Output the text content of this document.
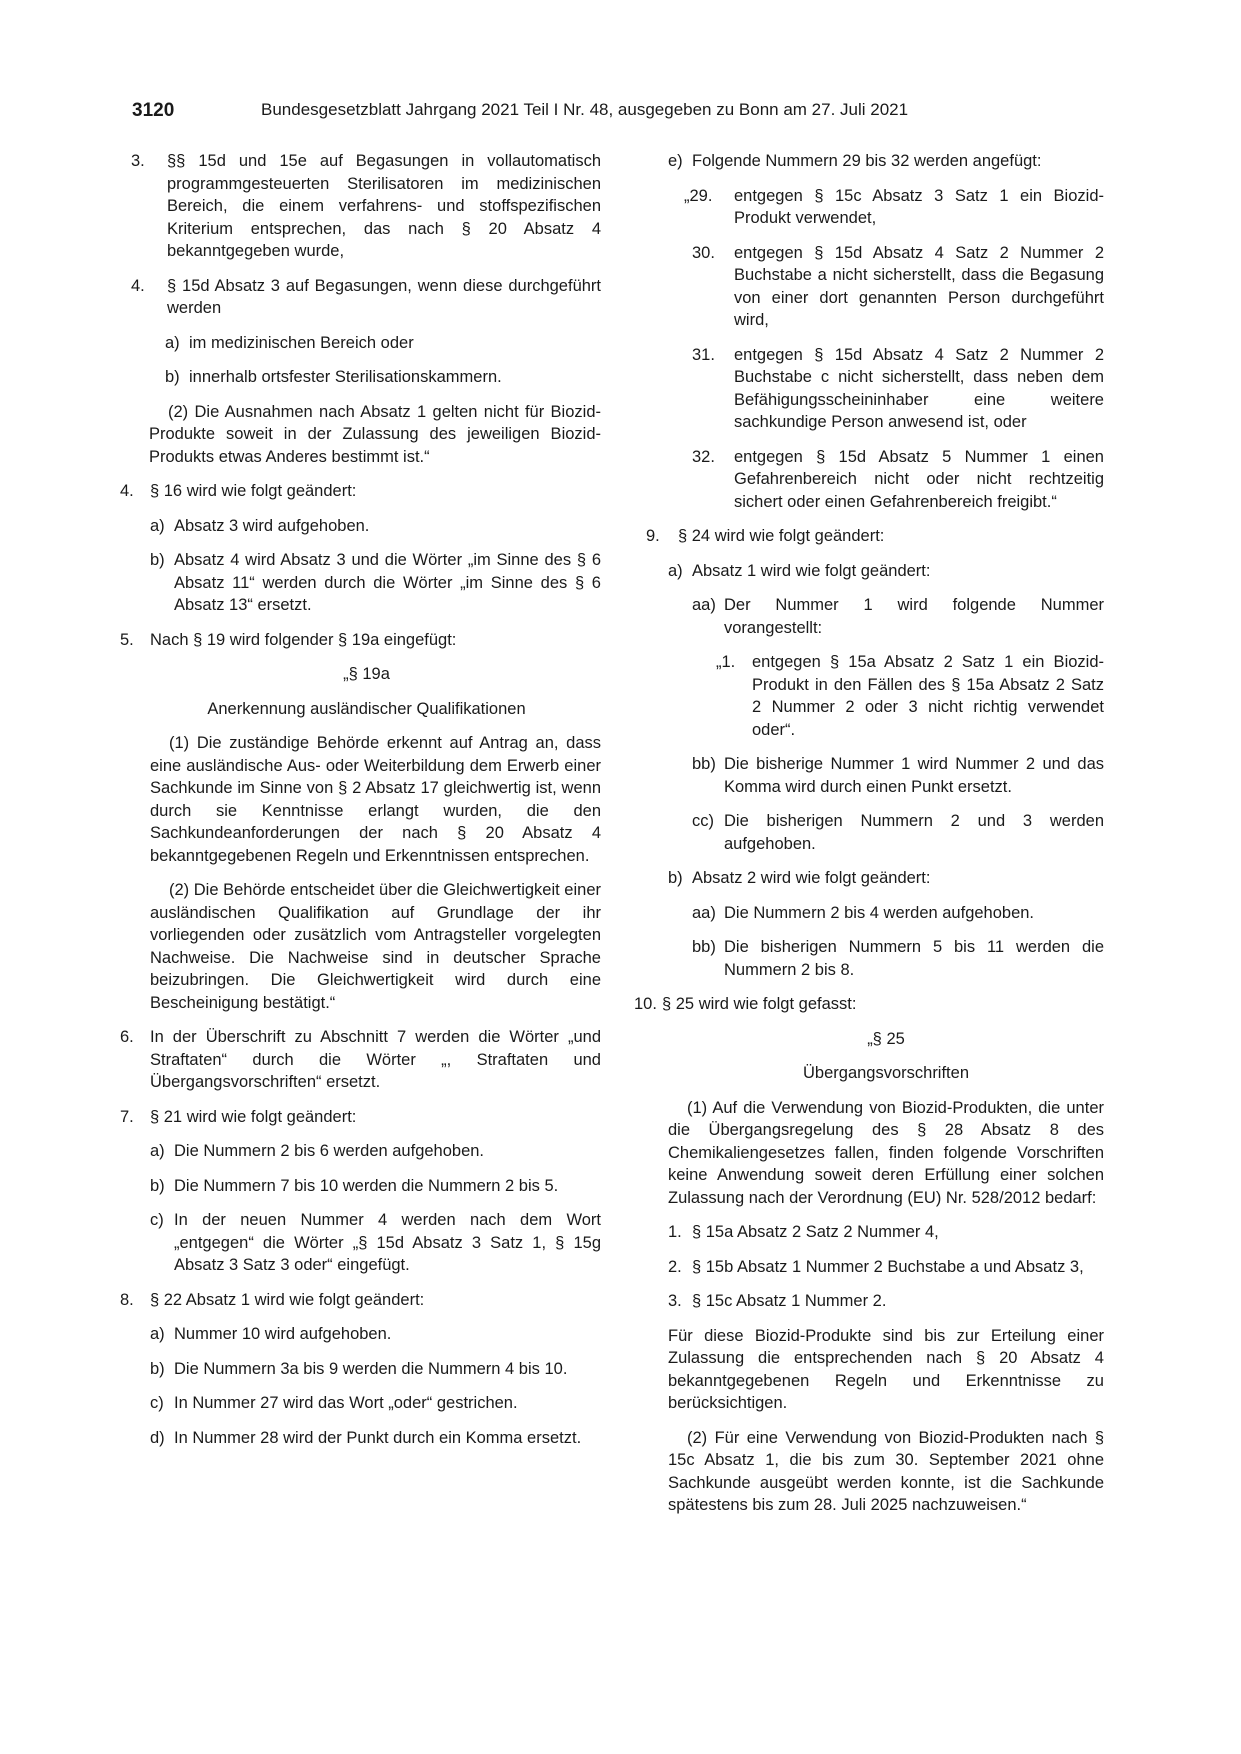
3120	Bundesgesetzblatt Jahrgang 2021 Teil I Nr. 48, ausgegeben zu Bonn am 27. Juli 2021
3. §§ 15d und 15e auf Begasungen in vollautomatisch programmgesteuerten Sterilisatoren im medizinischen Bereich, die einem verfahrens- und stoffspezifischen Kriterium entsprechen, das nach § 20 Absatz 4 bekanntgegeben wurde,
4. § 15d Absatz 3 auf Begasungen, wenn diese durchgeführt werden
a) im medizinischen Bereich oder
b) innerhalb ortsfester Sterilisationskammern.
(2) Die Ausnahmen nach Absatz 1 gelten nicht für Biozid-Produkte soweit in der Zulassung des jeweiligen Biozid-Produkts etwas Anderes bestimmt ist.“
4. § 16 wird wie folgt geändert:
a) Absatz 3 wird aufgehoben.
b) Absatz 4 wird Absatz 3 und die Wörter „im Sinne des § 6 Absatz 11“ werden durch die Wörter „im Sinne des § 6 Absatz 13“ ersetzt.
5. Nach § 19 wird folgender § 19a eingefügt:
„§ 19a
Anerkennung ausländischer Qualifikationen
(1) Die zuständige Behörde erkennt auf Antrag an, dass eine ausländische Aus- oder Weiterbildung dem Erwerb einer Sachkunde im Sinne von § 2 Absatz 17 gleichwertig ist, wenn durch sie Kenntnisse erlangt wurden, die den Sachkundeanforderungen der nach § 20 Absatz 4 bekanntgegebenen Regeln und Erkenntnissen entsprechen.
(2) Die Behörde entscheidet über die Gleichwertigkeit einer ausländischen Qualifikation auf Grundlage der ihr vorliegenden oder zusätzlich vom Antragsteller vorgelegten Nachweise. Die Nachweise sind in deutscher Sprache beizubringen. Die Gleichwertigkeit wird durch eine Bescheinigung bestätigt.“
6. In der Überschrift zu Abschnitt 7 werden die Wörter „und Straftaten“ durch die Wörter „, Straftaten und Übergangsvorschriften“ ersetzt.
7. § 21 wird wie folgt geändert:
a) Die Nummern 2 bis 6 werden aufgehoben.
b) Die Nummern 7 bis 10 werden die Nummern 2 bis 5.
c) In der neuen Nummer 4 werden nach dem Wort „entgegen“ die Wörter „§ 15d Absatz 3 Satz 1, § 15g Absatz 3 Satz 3 oder“ eingefügt.
8. § 22 Absatz 1 wird wie folgt geändert:
a) Nummer 10 wird aufgehoben.
b) Die Nummern 3a bis 9 werden die Nummern 4 bis 10.
c) In Nummer 27 wird das Wort „oder“ gestrichen.
d) In Nummer 28 wird der Punkt durch ein Komma ersetzt.
e) Folgende Nummern 29 bis 32 werden angefügt:
„29. entgegen § 15c Absatz 3 Satz 1 ein Biozid-Produkt verwendet,
30. entgegen § 15d Absatz 4 Satz 2 Nummer 2 Buchstabe a nicht sicherstellt, dass die Begasung von einer dort genannten Person durchgeführt wird,
31. entgegen § 15d Absatz 4 Satz 2 Nummer 2 Buchstabe c nicht sicherstellt, dass neben dem Befähigungsscheininhaber eine weitere sachkundige Person anwesend ist, oder
32. entgegen § 15d Absatz 5 Nummer 1 einen Gefahrenbereich nicht oder nicht rechtzeitig sichert oder einen Gefahrenbereich freigibt.“
9. § 24 wird wie folgt geändert:
a) Absatz 1 wird wie folgt geändert:
aa) Der Nummer 1 wird folgende Nummer vorangestellt:
„1. entgegen § 15a Absatz 2 Satz 1 ein Biozid-Produkt in den Fällen des § 15a Absatz 2 Satz 2 Nummer 2 oder 3 nicht richtig verwendet oder“.
bb) Die bisherige Nummer 1 wird Nummer 2 und das Komma wird durch einen Punkt ersetzt.
cc) Die bisherigen Nummern 2 und 3 werden aufgehoben.
b) Absatz 2 wird wie folgt geändert:
aa) Die Nummern 2 bis 4 werden aufgehoben.
bb) Die bisherigen Nummern 5 bis 11 werden die Nummern 2 bis 8.
10. § 25 wird wie folgt gefasst:
„§ 25
Übergangsvorschriften
(1) Auf die Verwendung von Biozid-Produkten, die unter die Übergangsregelung des § 28 Absatz 8 des Chemikaliengesetzes fallen, finden folgende Vorschriften keine Anwendung soweit deren Erfüllung einer solchen Zulassung nach der Verordnung (EU) Nr. 528/2012 bedarf:
1. § 15a Absatz 2 Satz 2 Nummer 4,
2. § 15b Absatz 1 Nummer 2 Buchstabe a und Absatz 3,
3. § 15c Absatz 1 Nummer 2.
Für diese Biozid-Produkte sind bis zur Erteilung einer Zulassung die entsprechenden nach § 20 Absatz 4 bekanntgegebenen Regeln und Erkenntnisse zu berücksichtigen.
(2) Für eine Verwendung von Biozid-Produkten nach § 15c Absatz 1, die bis zum 30. September 2021 ohne Sachkunde ausgeübt werden konnte, ist die Sachkunde spätestens bis zum 28. Juli 2025 nachzuweisen.“
